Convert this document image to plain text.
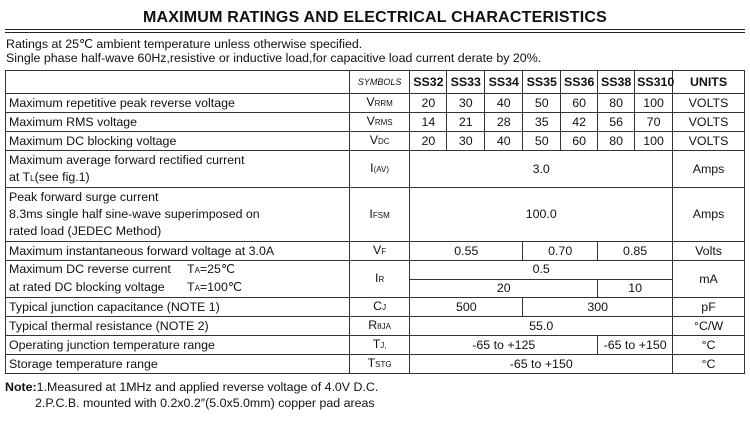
MAXIMUM RATINGS AND ELECTRICAL CHARACTERISTICS
Ratings at 25℃ ambient temperature unless otherwise specified.
Single phase half-wave 60Hz,resistive or inductive load,for capacitive load current derate by 20%.
	SYMBOLS	SS32	SS33	SS34	SS35	SS36	SS38	SS310	UNITS
Maximum repetitive peak reverse voltage	VRRM	20	30	40	50	60	80	100	VOLTS
Maximum RMS voltage	VRMS	14	21	28	35	42	56	70	VOLTS
Maximum DC blocking voltage	VDC	20	30	40	50	60	80	100	VOLTS

Maximum average forward rectified current
at TL(see fig.1)	I(AV)	3.0							Amps

Peak forward surge current
8.3ms single half sine-wave superimposed on
rated load (JEDEC Method)	IFSM	100.0							Amps
Maximum instantaneous forward voltage at 3.0A	VF	0.55			0.70		0.85		Volts

Maximum DC reverse current TA=25℃
at rated DC blocking voltage TA=100℃	IR	0.5							mA
		20					10		
Typical junction capacitance (NOTE 1)	CJ	500			300				pF
Typical thermal resistance (NOTE 2)	RθJA	55.0							°C/W
Operating junction temperature range	TJ,	-65 to +125					-65 to +150		°C
Storage temperature range	TSTG	-65 to +150							°C
Note:1.Measured at 1MHz and applied reverse voltage of 4.0V D.C.
2.P.C.B. mounted with 0.2x0.2″(5.0x5.0mm) copper pad areas
